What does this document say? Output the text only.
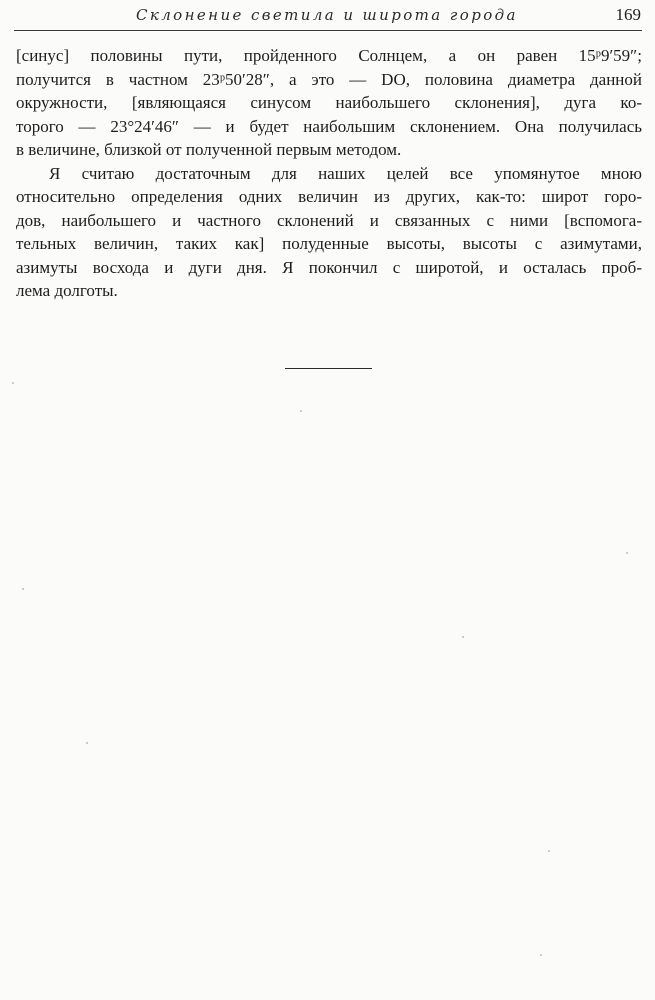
Склонение светила и широта города	169
[синус] половины пути, пройденного Солнцем, а он равен 15ᵖ9′59″;
получится в частном 23ᵖ50′28″, а это — DO, половина диаметра данной
окружности, [являющаяся синусом наибольшего склонения], дуга ко-
торого — 23°24′46″ — и будет наибольшим склонением. Она получилась
в величине, близкой от полученной первым методом.
Я считаю достаточным для наших целей все упомянутое мною
относительно определения одних величин из других, как-то: широт горо-
дов, наибольшего и частного склонений и связанных с ними [вспомога-
тельных величин, таких как] полуденные высоты, высоты с азимутами,
азимуты восхода и дуги дня. Я покончил с широтой, и осталась проб-
лема долготы.
